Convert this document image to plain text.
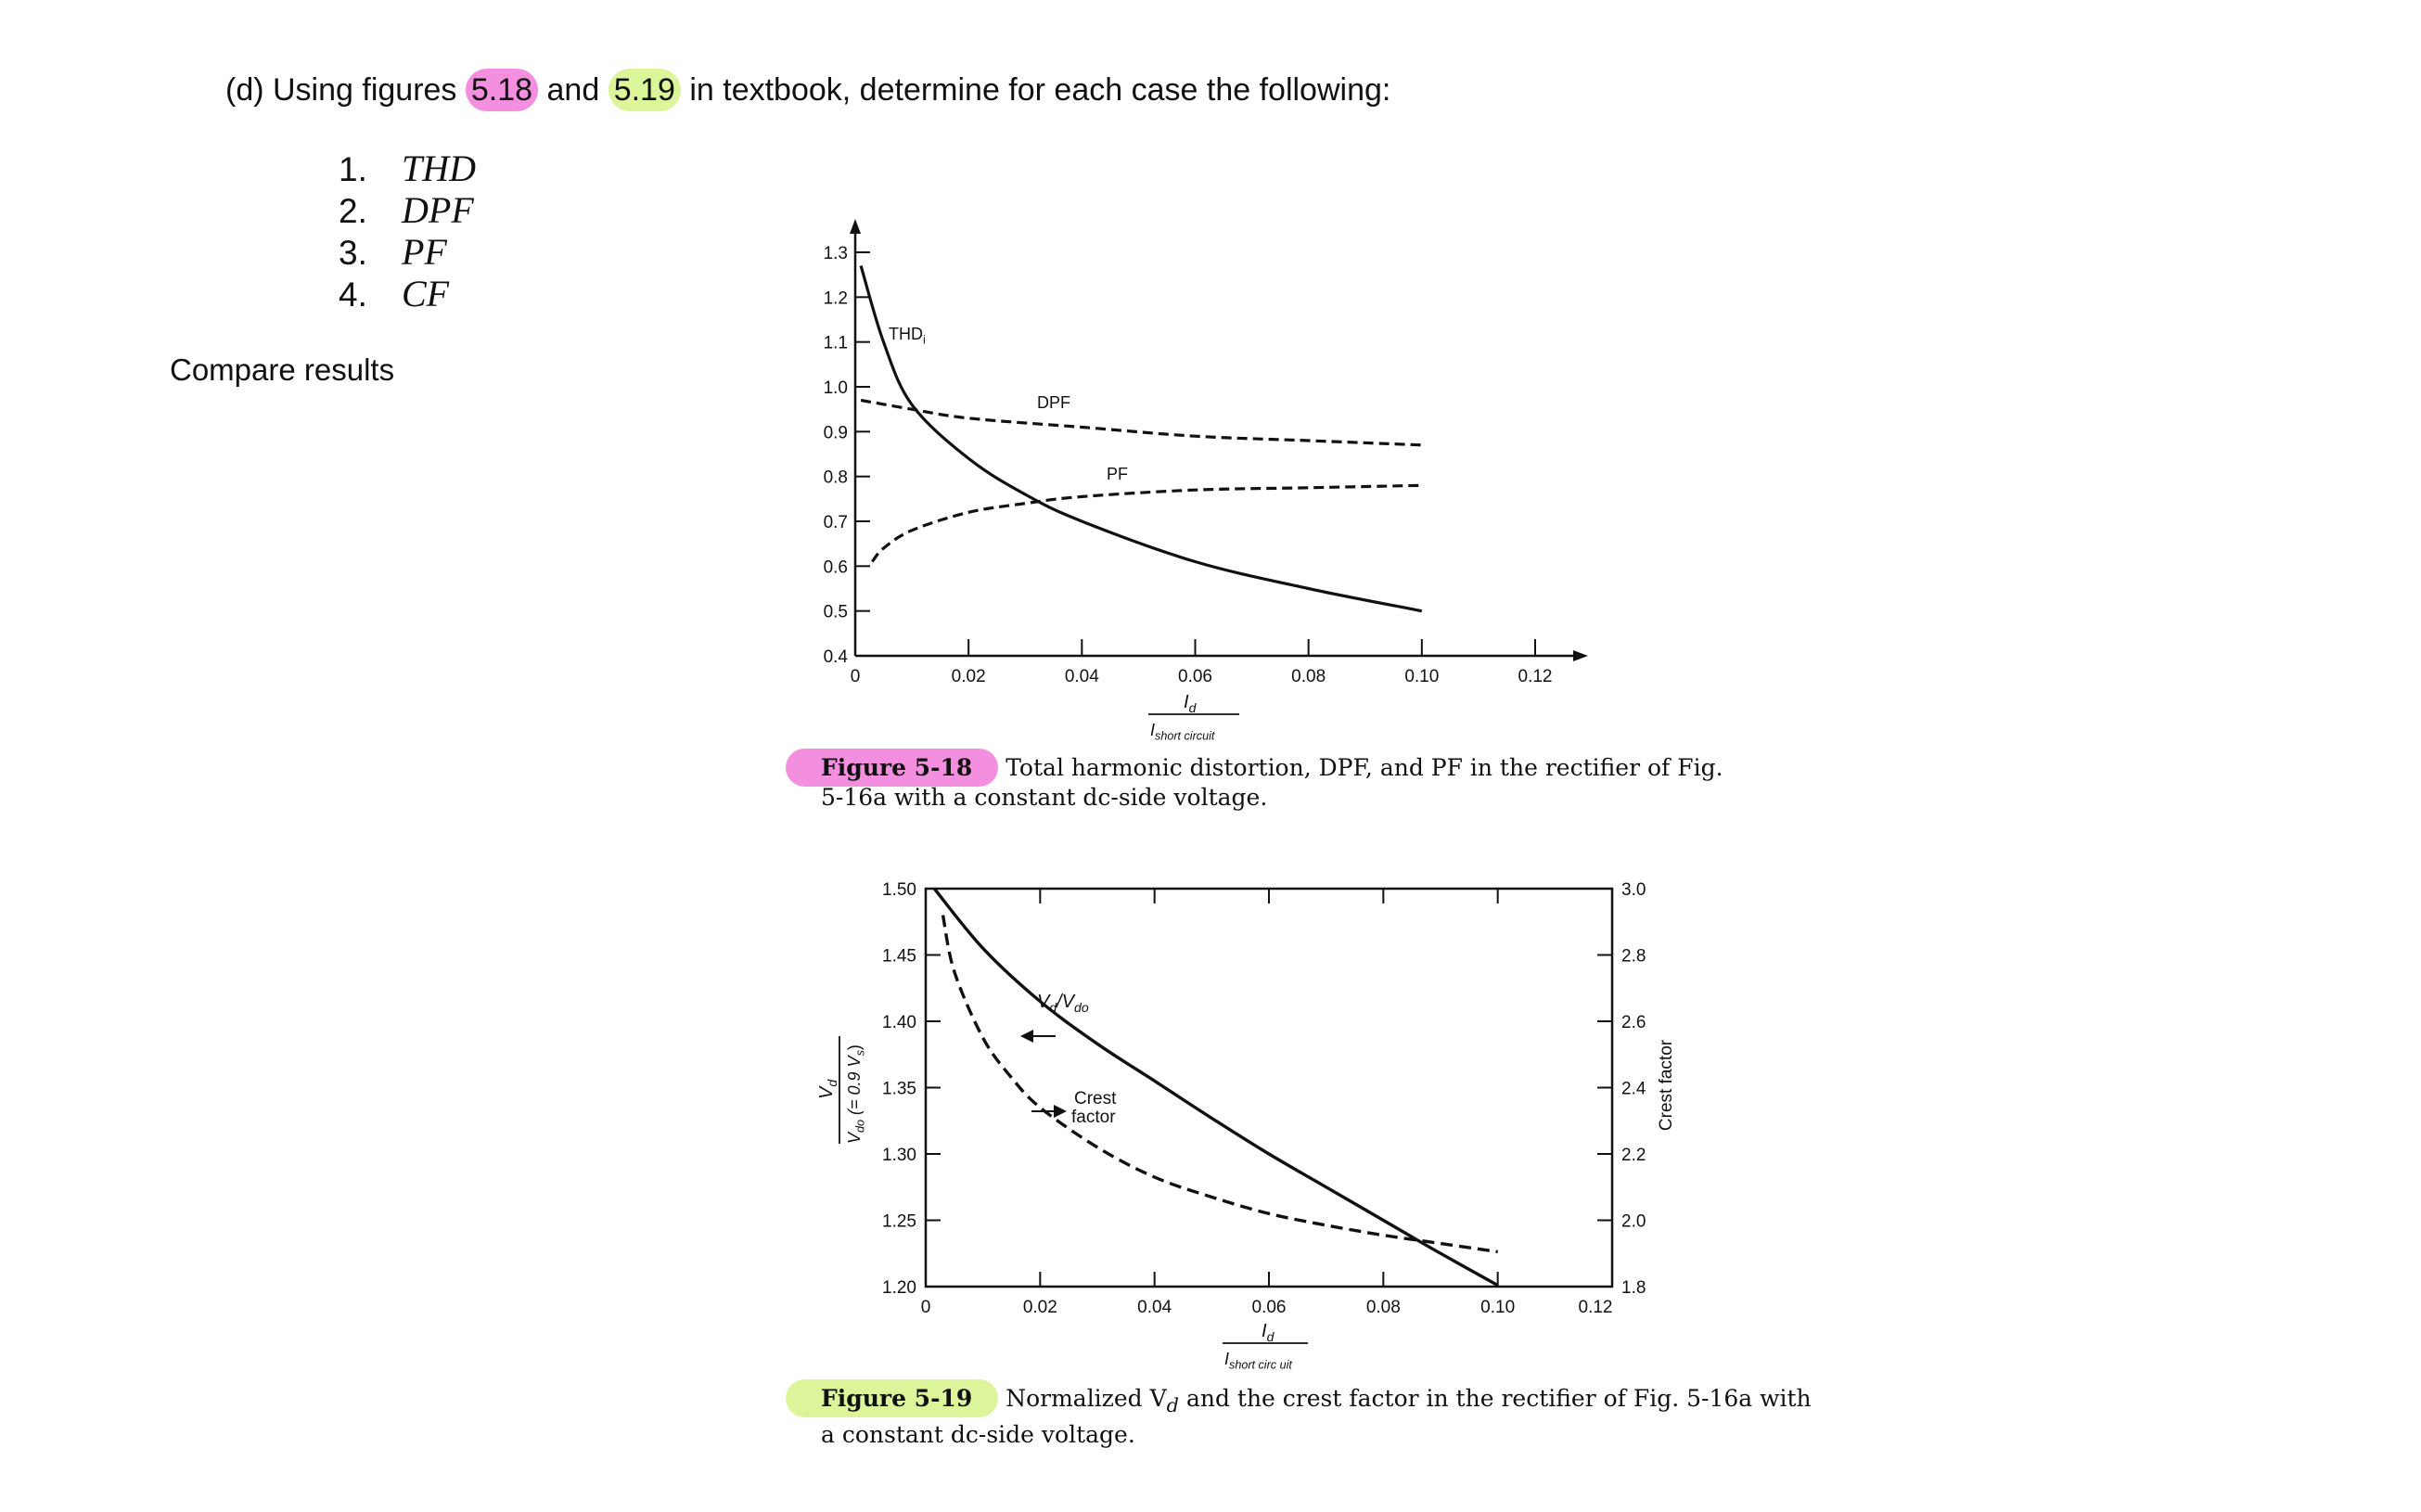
(d) Using figures 5.18 and 5.19 in textbook, determine for each case the following:
1. THD
2. DPF
3. PF
4. CF
Compare results
0.4
0.5
0.6
0.7
0.8
0.9
1.0
1.1
1.2
1.3
0	0.02	0.04	0.06	0.08	0.10	0.12
$THD_i$
DPF
PF
$I_d$
$I_{short circuit}$
1.20
1.25
1.30
1.35
1.40
1.45
1.50
1.8
2.0
2.2
2.4
2.6
2.8
3.0
0	0.02	0.04	0.06	0.08	0.10	0.12
$V_d/V_{do}$
Crest
factor
$I_d$
$I_{short circ uit}$
$V_d$
$V_{do}$ (= 0.9 $V_s$)	Crest factor
Figure 5-18 Total harmonic distortion, DPF, and PF in the rectifier of Fig.
5-16a with a constant dc-side voltage.
Figure 5-19 Normalized $V_d$ and the crest factor in the rectifier of Fig. 5-16a with
a constant dc-side voltage.
